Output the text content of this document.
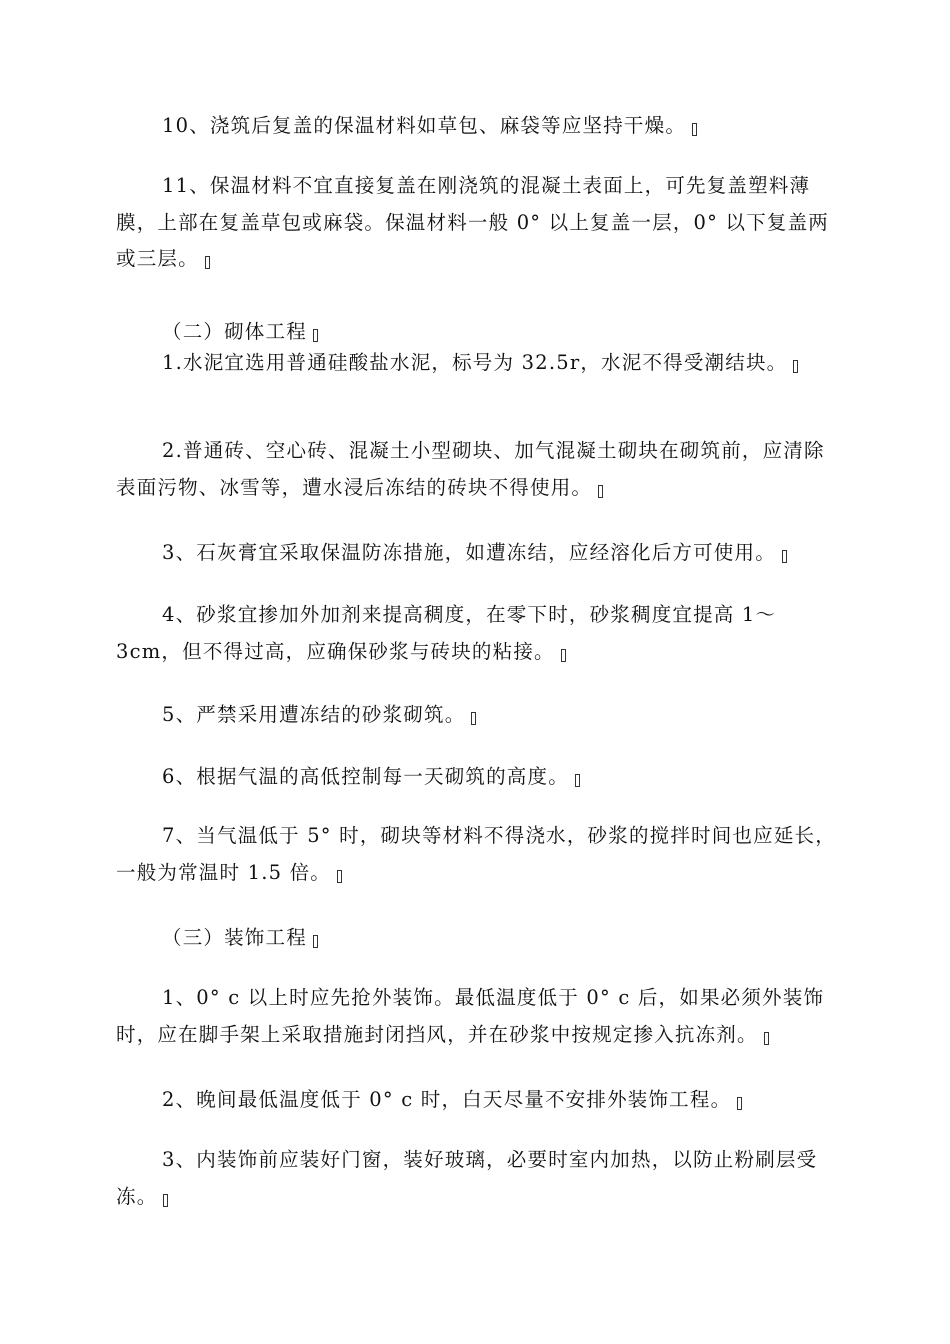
10、浇筑后复盖的保温材料如草包、麻袋等应坚持干燥。

11、保温材料不宜直接复盖在刚浇筑的混凝土表面上，可先复盖塑料薄膜，上部在复盖草包或麻袋。保温材料一般 0° 以上复盖一层，0° 以下复盖两或三层。

（二）砌体工程

1.水泥宜选用普通硅酸盐水泥，标号为 32.5r，水泥不得受潮结块。

2.普通砖、空心砖、混凝土小型砌块、加气混凝土砌块在砌筑前，应清除表面污物、冰雪等，遭水浸后冻结的砖块不得使用。

3、石灰膏宜采取保温防冻措施，如遭冻结，应经溶化后方可使用。

4、砂浆宜掺加外加剂来提高稠度，在零下时，砂浆稠度宜提高 1～3cm，但不得过高，应确保砂浆与砖块的粘接。

5、严禁采用遭冻结的砂浆砌筑。

6、根据气温的高低控制每一天砌筑的高度。

7、当气温低于 5° 时，砌块等材料不得浇水，砂浆的搅拌时间也应延长，一般为常温时 1.5 倍。

（三）装饰工程

1、0° c 以上时应先抢外装饰。最低温度低于 0° c 后，如果必须外装饰时，应在脚手架上采取措施封闭挡风，并在砂浆中按规定掺入抗冻剂。

2、晚间最低温度低于 0° c 时，白天尽量不安排外装饰工程。

3、内装饰前应装好门窗，装好玻璃，必要时室内加热，以防止粉刷层受冻。
